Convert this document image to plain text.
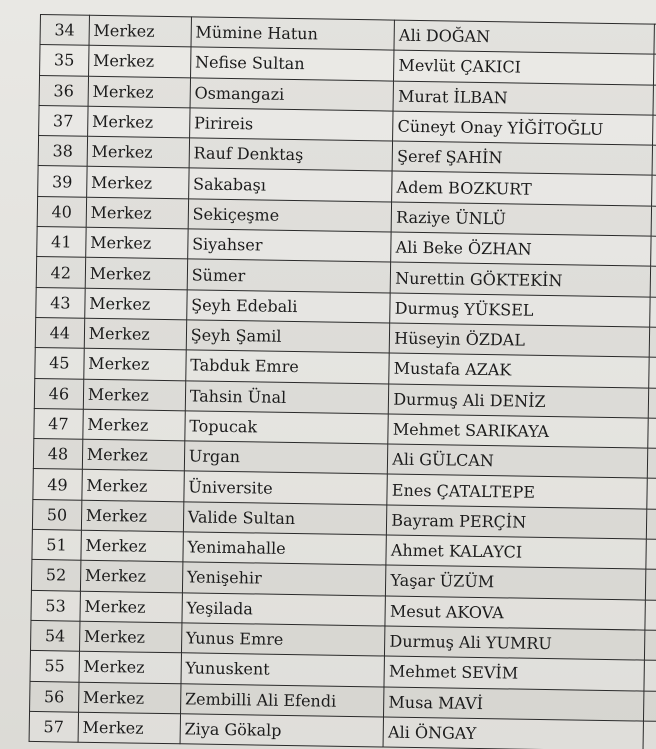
34	Merkez	Mümine Hatun	Ali DOĞAN	
35	Merkez	Nefise Sultan	Mevlüt ÇAKICI	
36	Merkez	Osmangazi	Murat İLBAN	
37	Merkez	Pirireis	Cüneyt Onay YİĞİTOĞLU	
38	Merkez	Rauf Denktaş	Şeref ŞAHİN	
39	Merkez	Sakabaşı	Adem BOZKURT	
40	Merkez	Sekiçeşme	Raziye ÜNLÜ	
41	Merkez	Siyahser	Ali Beke ÖZHAN	
42	Merkez	Sümer	Nurettin GÖKTEKİN	
43	Merkez	Şeyh Edebali	Durmuş YÜKSEL	
44	Merkez	Şeyh Şamil	Hüseyin ÖZDAL	
45	Merkez	Tabduk Emre	Mustafa AZAK	
46	Merkez	Tahsin Ünal	Durmuş Ali DENİZ	
47	Merkez	Topucak	Mehmet SARIKAYA	
48	Merkez	Urgan	Ali GÜLCAN	
49	Merkez	Üniversite	Enes ÇATALTEPE	
50	Merkez	Valide Sultan	Bayram PERÇİN	
51	Merkez	Yenimahalle	Ahmet KALAYCI	
52	Merkez	Yenişehir	Yaşar ÜZÜM	
53	Merkez	Yeşilada	Mesut AKOVA	
54	Merkez	Yunus Emre	Durmuş Ali YUMRU	
55	Merkez	Yunuskent	Mehmet SEVİM	
56	Merkez	Zembilli Ali Efendi	Musa MAVİ	
57	Merkez	Ziya Gökalp	Ali ÖNGAY	
